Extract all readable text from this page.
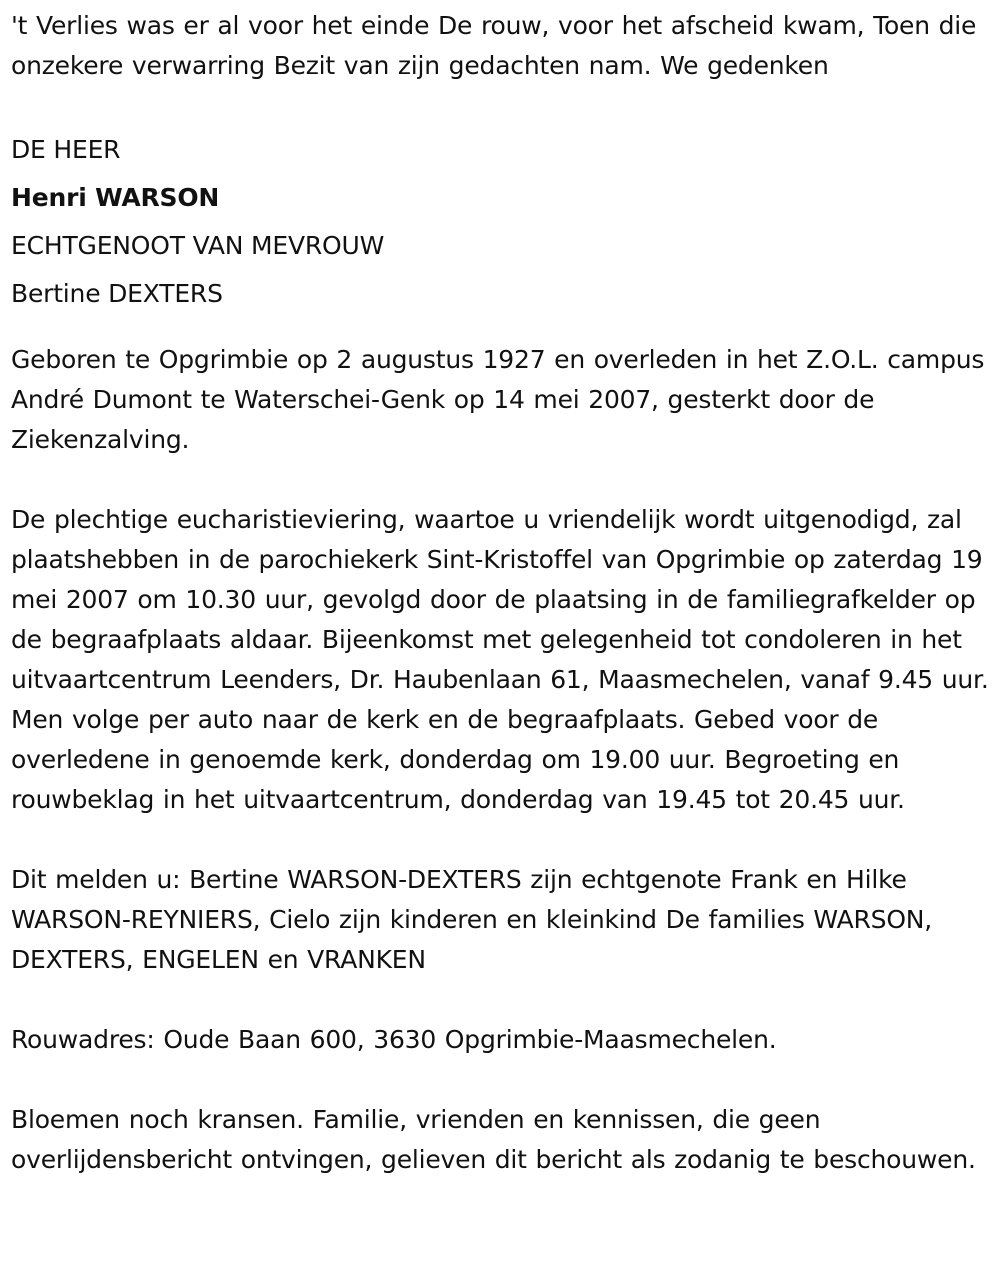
't Verlies was er al voor het einde De rouw, voor het afscheid kwam, Toen die onzekere verwarring Bezit van zijn gedachten nam. We gedenken

DE HEER

Henri WARSON

ECHTGENOOT VAN MEVROUW

Bertine DEXTERS

Geboren te Opgrimbie op 2 augustus 1927 en overleden in het Z.O.L. campus André Dumont te Waterschei-Genk op 14 mei 2007, gesterkt door de Ziekenzalving.

De plechtige eucharistieviering, waartoe u vriendelijk wordt uitgenodigd, zal plaatshebben in de parochiekerk Sint-Kristoffel van Opgrimbie op zaterdag 19 mei 2007 om 10.30 uur, gevolgd door de plaatsing in de familiegrafkelder op de begraafplaats aldaar. Bijeenkomst met gelegenheid tot condoleren in het uitvaartcentrum Leenders, Dr. Haubenlaan 61, Maasmechelen, vanaf 9.45 uur. Men volge per auto naar de kerk en de begraafplaats. Gebed voor de overledene in genoemde kerk, donderdag om 19.00 uur. Begroeting en rouwbeklag in het uitvaartcentrum, donderdag van 19.45 tot 20.45 uur.

Dit melden u: Bertine WARSON-DEXTERS zijn echtgenote Frank en Hilke WARSON-REYNIERS, Cielo zijn kinderen en kleinkind De families WARSON, DEXTERS, ENGELEN en VRANKEN

Rouwadres: Oude Baan 600, 3630 Opgrimbie-Maasmechelen.

Bloemen noch kransen. Familie, vrienden en kennissen, die geen overlijdensbericht ontvingen, gelieven dit bericht als zodanig te beschouwen.
